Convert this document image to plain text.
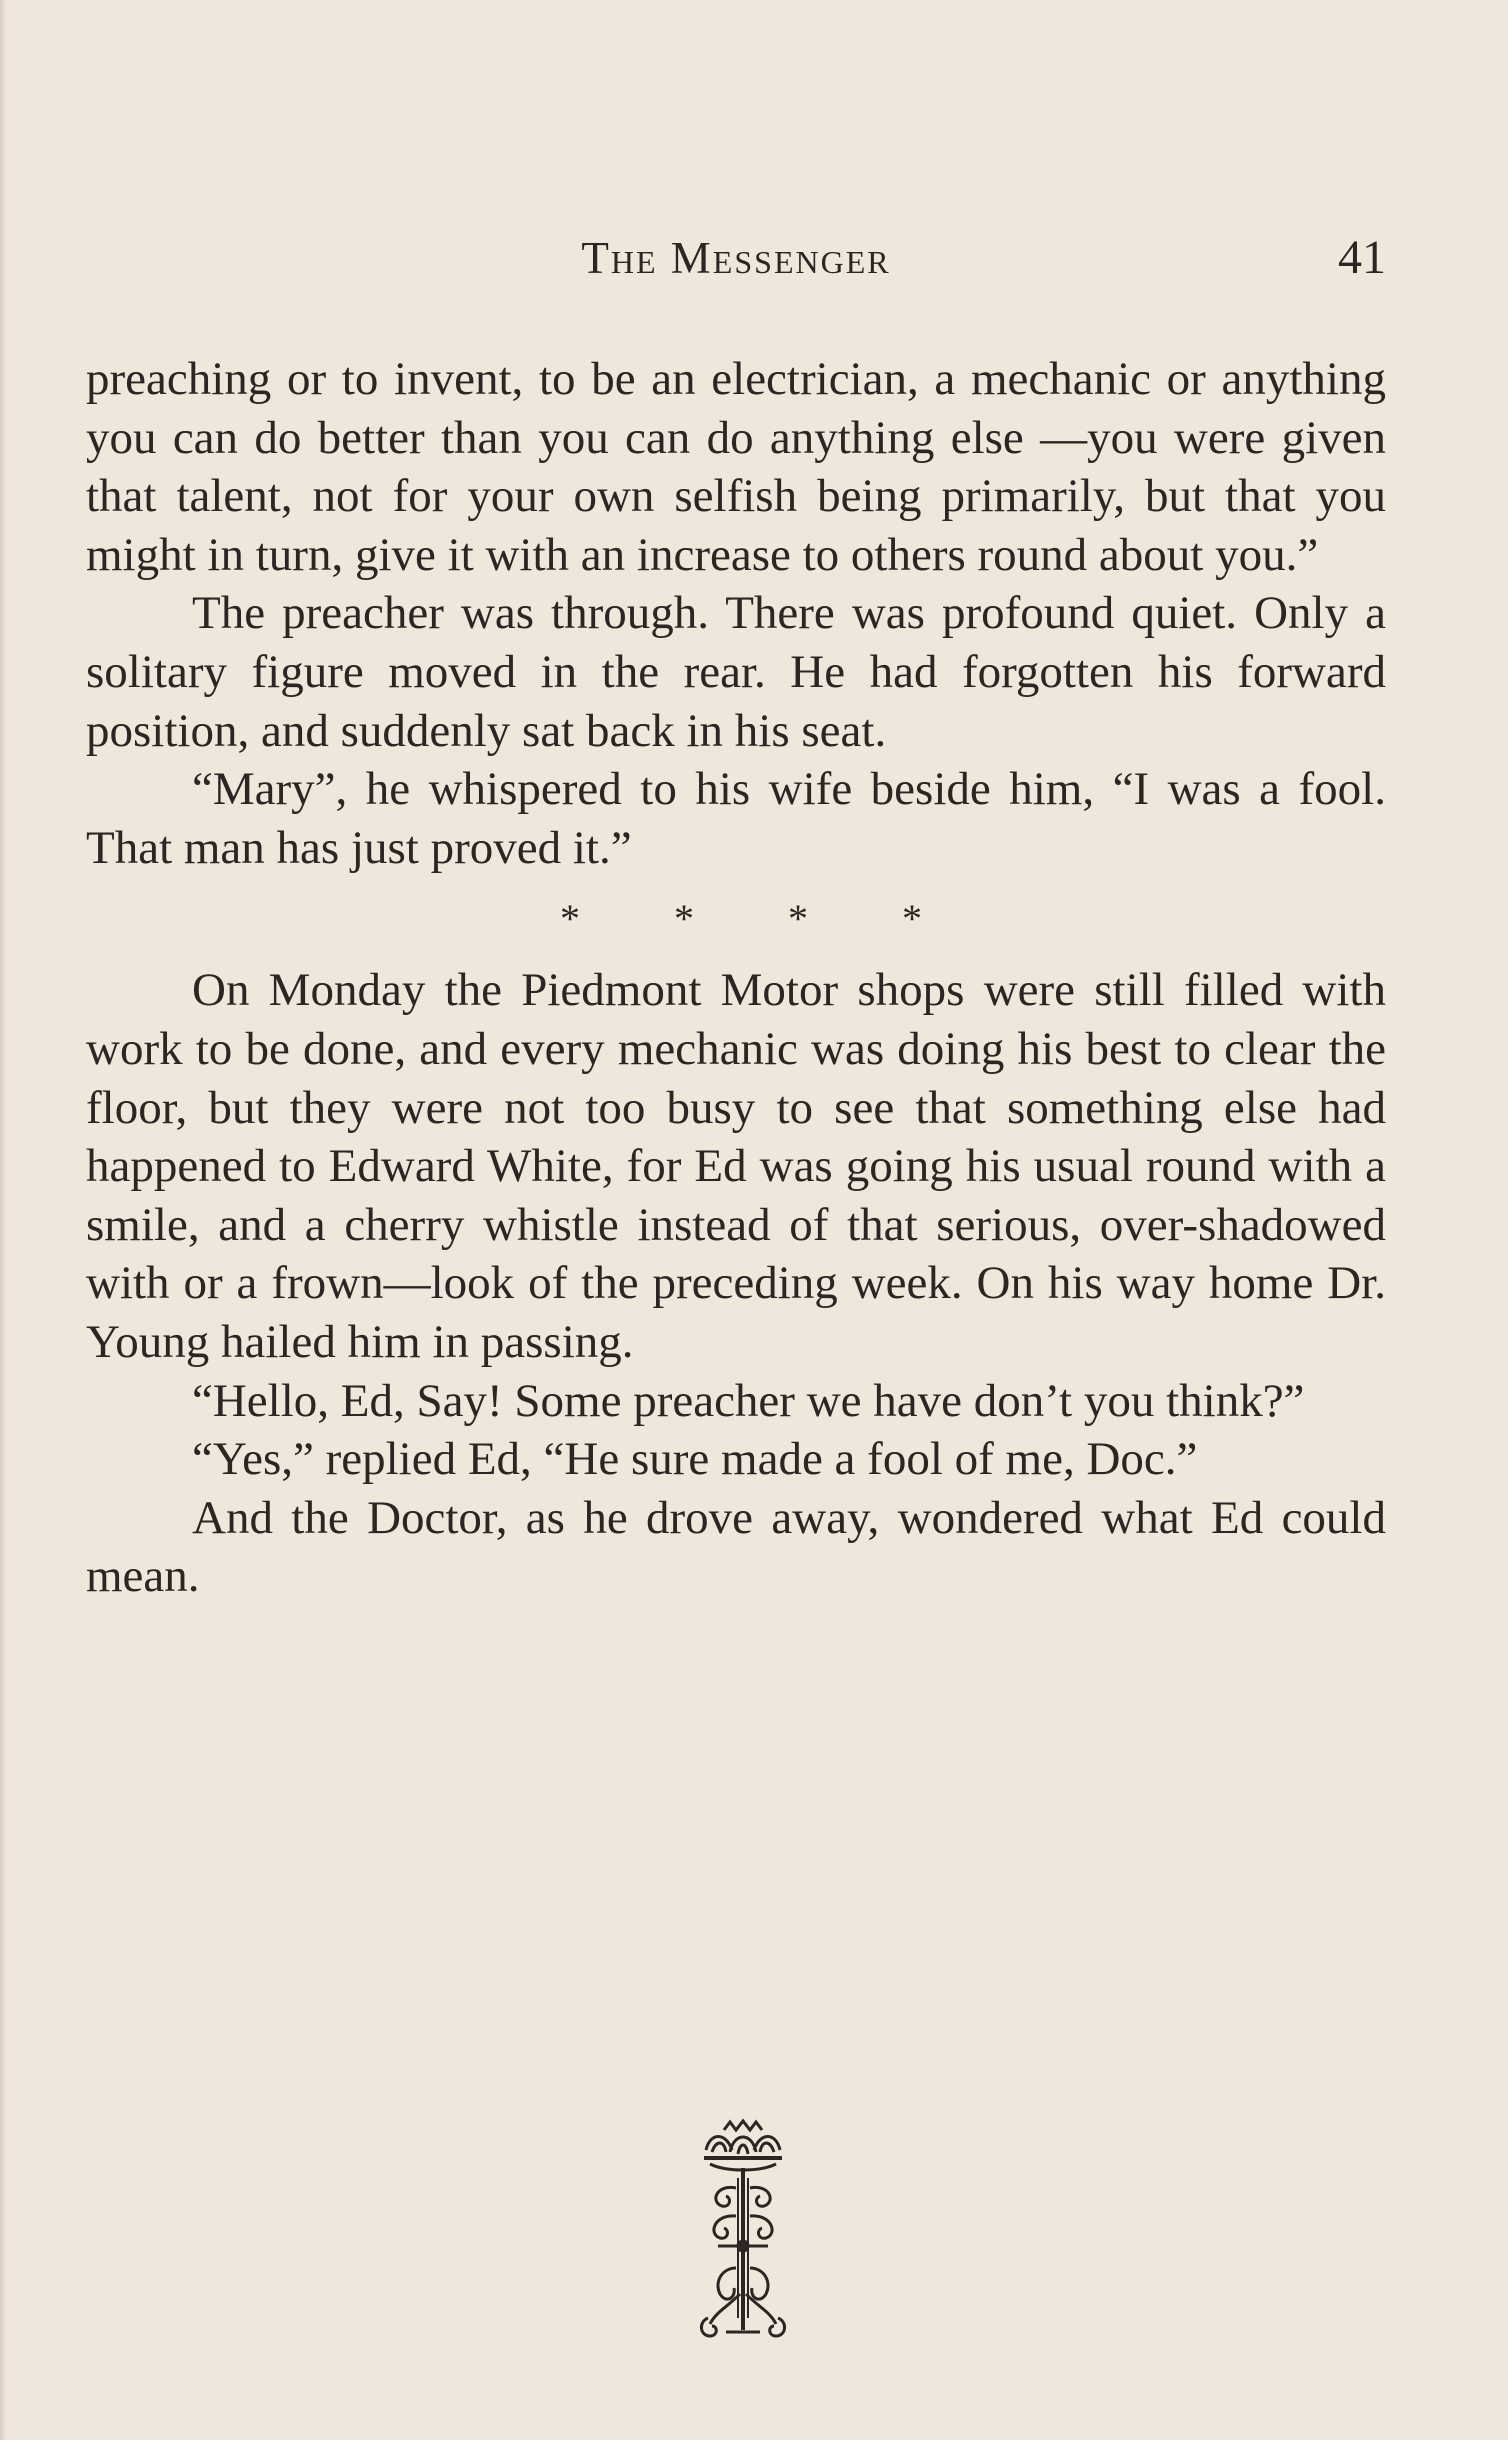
The Messenger	41

preaching or to invent, to be an electrician, a mechanic or anything you can do better than you can do anything else —you were given that talent, not for your own selfish being primarily, but that you might in turn, give it with an increase to others round about you.”

The preacher was through. There was profound quiet. Only a solitary figure moved in the rear. He had forgotten his forward position, and suddenly sat back in his seat.

“Mary”, he whispered to his wife beside him, “I was a fool. That man has just proved it.”

* * * *

On Monday the Piedmont Motor shops were still filled with work to be done, and every mechanic was doing his best to clear the floor, but they were not too busy to see that something else had happened to Edward White, for Ed was going his usual round with a smile, and a cherry whistle instead of that serious, over-shadowed with or a frown—look of the preceding week. On his way home Dr. Young hailed him in passing.

“Hello, Ed, Say! Some preacher we have don’t you think?”

“Yes,” replied Ed, “He sure made a fool of me, Doc.”

And the Doctor, as he drove away, wondered what Ed could mean.
